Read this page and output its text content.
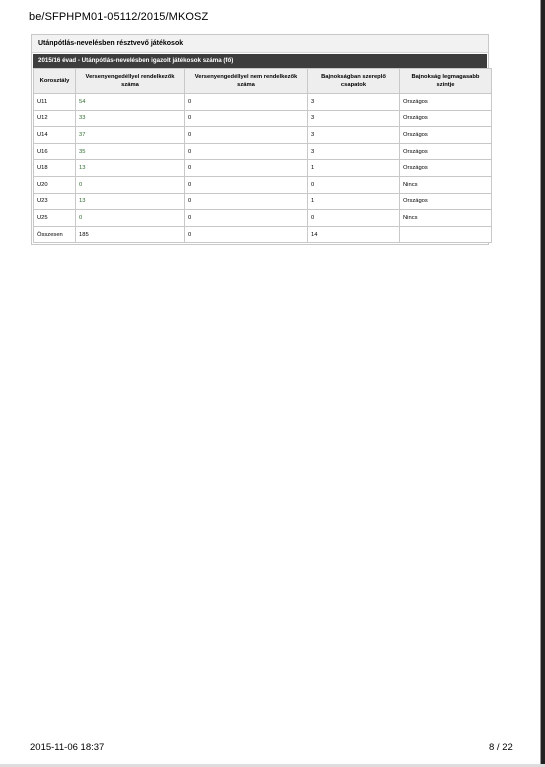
be/SFPHPM01-05112/2015/MKOSZ
Utánpótlás-nevelésben résztvevő játékosok
2015/16 évad - Utánpótlás-nevelésben igazolt játékosok száma (fő)
Korosztály	Versenyengedéllyel rendelkezők száma	Versenyengedéllyel nem rendelkezők száma	Bajnokságban szereplő csapatok	Bajnokság legmagasabb szintje
U11	54	0	3	Országos
U12	33	0	3	Országos
U14	37	0	3	Országos
U16	35	0	3	Országos
U18	13	0	1	Országos
U20	0	0	0	Nincs
U23	13	0	1	Országos
U25	0	0	0	Nincs
Összesen	185	0	14	
2015-11-06 18:37	8 / 22
